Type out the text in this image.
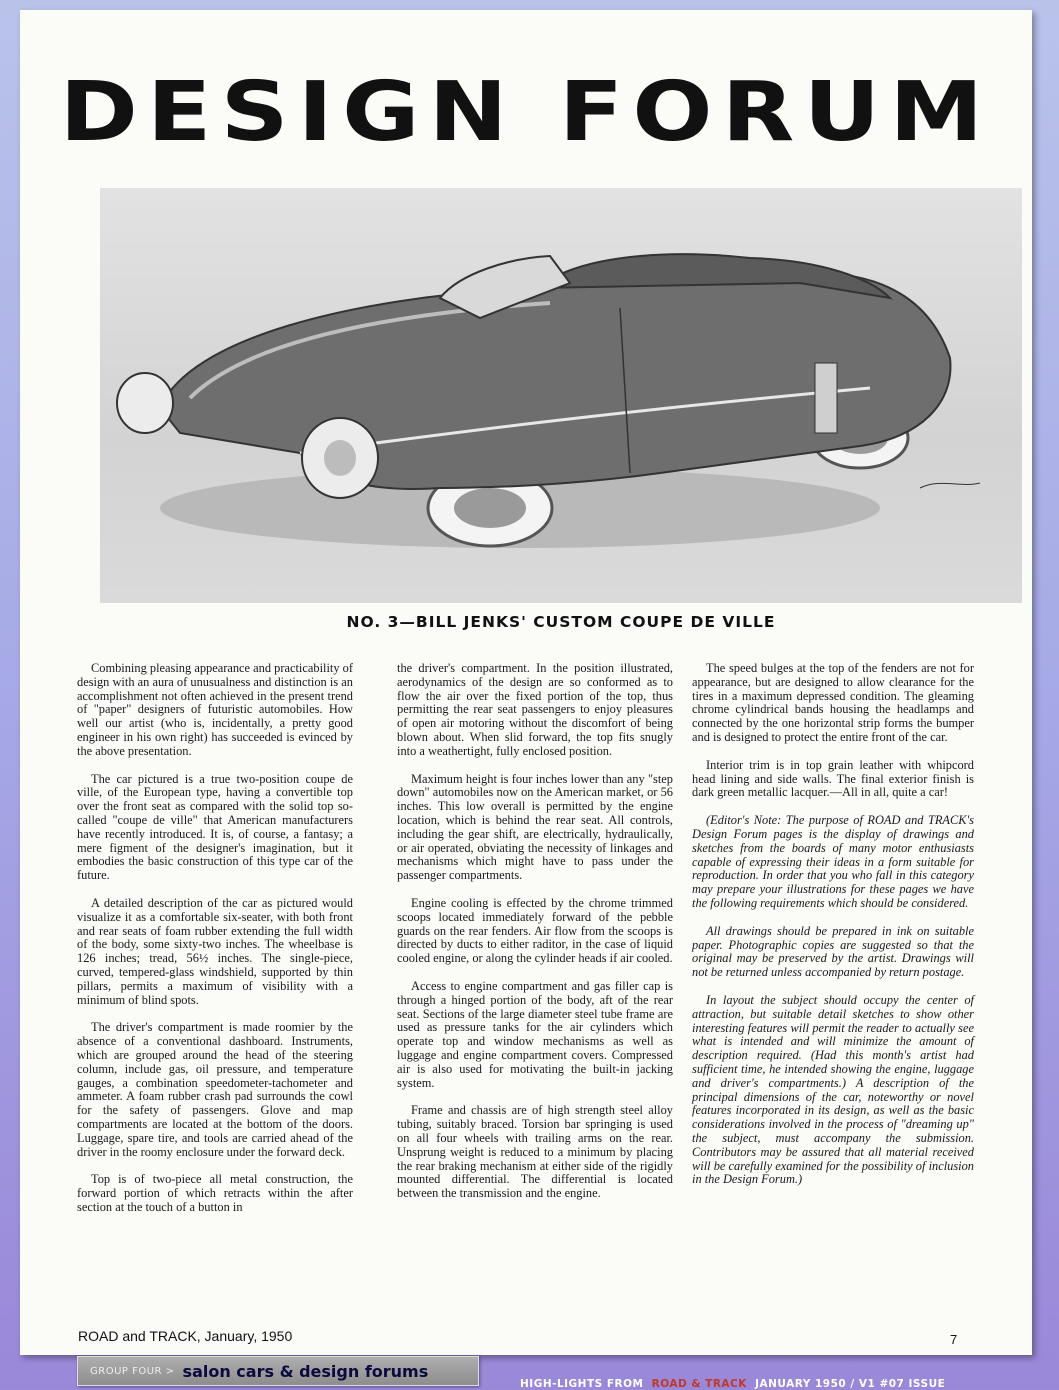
DESIGN FORUM
NO. 3—BILL JENKS' CUSTOM COUPE DE VILLE

Combining pleasing appearance and practicability of design with an aura of unusualness and distinction is an accomplishment not often achieved in the present trend of "paper" designers of futuristic automobiles. How well our artist (who is, incidentally, a pretty good engineer in his own right) has succeeded is evinced by the above presentation.

The car pictured is a true two-position coupe de ville, of the European type, having a convertible top over the front seat as compared with the solid top so-called "coupe de ville" that American manufacturers have recently introduced. It is, of course, a fantasy; a mere figment of the designer's imagination, but it embodies the basic construction of this type car of the future.

A detailed description of the car as pictured would visualize it as a comfortable six-seater, with both front and rear seats of foam rubber extending the full width of the body, some sixty-two inches. The wheelbase is 126 inches; tread, 56½ inches. The single-piece, curved, tempered-glass windshield, supported by thin pillars, permits a maximum of visibility with a minimum of blind spots.

The driver's compartment is made roomier by the absence of a conventional dashboard. Instruments, which are grouped around the head of the steering column, include gas, oil pressure, and temperature gauges, a combination speedometer-tachometer and ammeter. A foam rubber crash pad surrounds the cowl for the safety of passengers. Glove and map compartments are located at the bottom of the doors. Luggage, spare tire, and tools are carried ahead of the driver in the roomy enclosure under the forward deck.

Top is of two-piece all metal construction, the forward portion of which retracts within the after section at the touch of a button in

the driver's compartment. In the position illustrated, aerodynamics of the design are so conformed as to flow the air over the fixed portion of the top, thus permitting the rear seat passengers to enjoy pleasures of open air motoring without the discomfort of being blown about. When slid forward, the top fits snugly into a weathertight, fully enclosed position.

Maximum height is four inches lower than any "step down" automobiles now on the American market, or 56 inches. This low overall is permitted by the engine location, which is behind the rear seat. All controls, including the gear shift, are electrically, hydraulically, or air operated, obviating the necessity of linkages and mechanisms which might have to pass under the passenger compartments.

Engine cooling is effected by the chrome trimmed scoops located immediately forward of the pebble guards on the rear fenders. Air flow from the scoops is directed by ducts to either raditor, in the case of liquid cooled engine, or along the cylinder heads if air cooled.

Access to engine compartment and gas filler cap is through a hinged portion of the body, aft of the rear seat. Sections of the large diameter steel tube frame are used as pressure tanks for the air cylinders which operate top and window mechanisms as well as luggage and engine compartment covers. Compressed air is also used for motivating the built-in jacking system.

Frame and chassis are of high strength steel alloy tubing, suitably braced. Torsion bar springing is used on all four wheels with trailing arms on the rear. Unsprung weight is reduced to a minimum by placing the rear braking mechanism at either side of the rigidly mounted differential. The differential is located between the transmission and the engine.

The speed bulges at the top of the fenders are not for appearance, but are designed to allow clearance for the tires in a maximum depressed condition. The gleaming chrome cylindrical bands housing the headlamps and connected by the one horizontal strip forms the bumper and is designed to protect the entire front of the car.

Interior trim is in top grain leather with whipcord head lining and side walls. The final exterior finish is dark green metallic lacquer.—All in all, quite a car!

(Editor's Note: The purpose of ROAD and TRACK's Design Forum pages is the display of drawings and sketches from the boards of many motor enthusiasts capable of expressing their ideas in a form suitable for reproduction. In order that you who fall in this category may prepare your illustrations for these pages we have the following requirements which should be considered.

All drawings should be prepared in ink on suitable paper. Photographic copies are suggested so that the original may be preserved by the artist. Drawings will not be returned unless accompanied by return postage.

In layout the subject should occupy the center of attraction, but suitable detail sketches to show other interesting features will permit the reader to actually see what is intended and will minimize the amount of description required. (Had this month's artist had sufficient time, he intended showing the engine, luggage and driver's compartments.) A description of the principal dimensions of the car, noteworthy or novel features incorporated in its design, as well as the basic considerations involved in the process of "dreaming up" the subject, must accompany the submission. Contributors may be assured that all material received will be carefully examined for the possibility of inclusion in the Design Forum.)

ROAD and TRACK, January, 1950	7
GROUP FOUR > salon cars & design forums
HIGH-LIGHTS FROM ROAD & TRACK JANUARY 1950 / V1 #07 ISSUE
